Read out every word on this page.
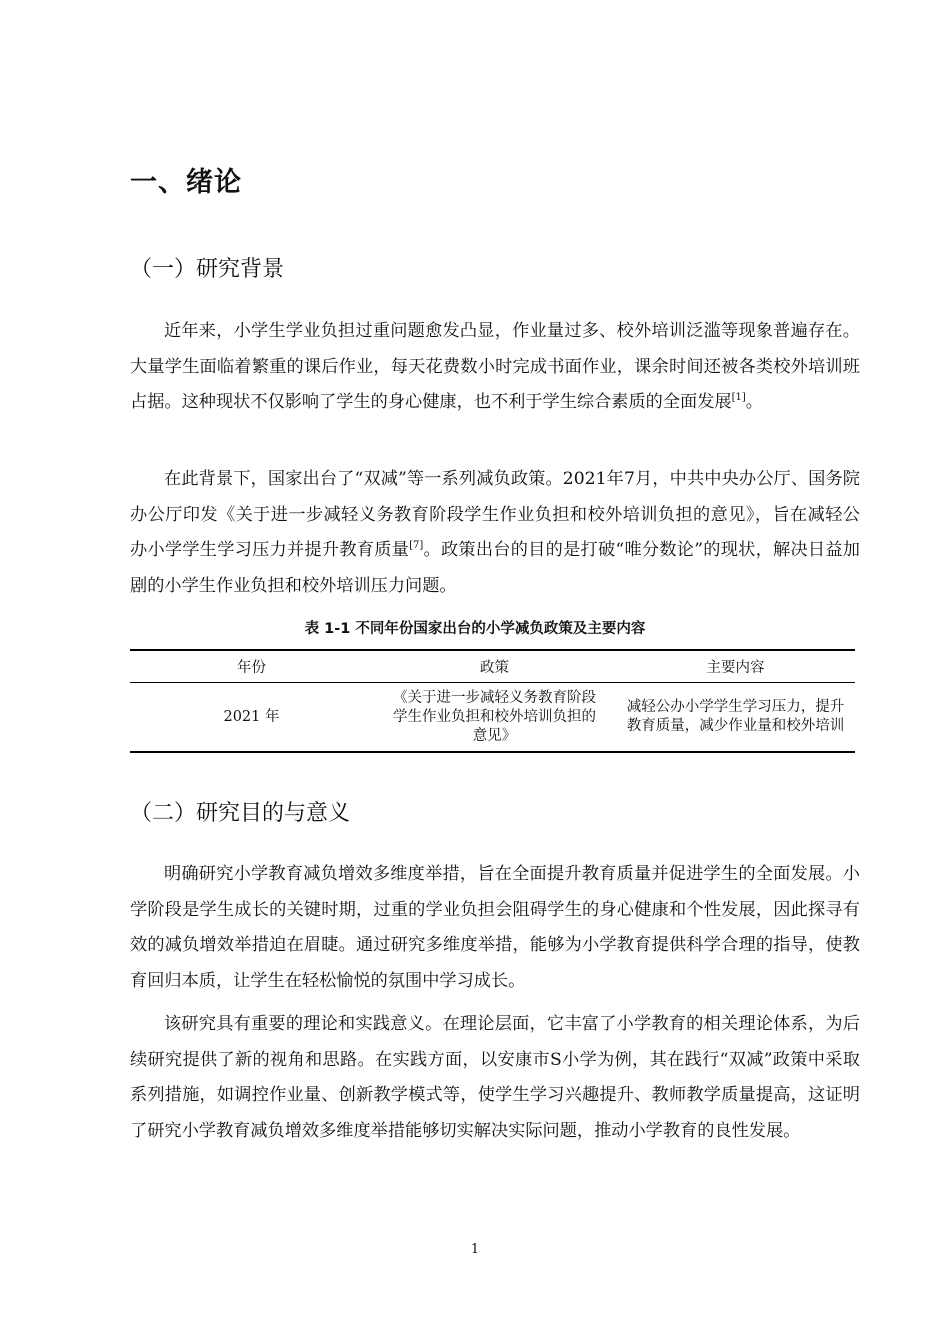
一、绪论
（一）研究背景

近年来，小学生学业负担过重问题愈发凸显，作业量过多、校外培训泛滥等现象普遍存在。大量学生面临着繁重的课后作业，每天花费数小时完成书面作业，课余时间还被各类校外培训班占据。这种现状不仅影响了学生的身心健康，也不利于学生综合素质的全面发展[1]。

在此背景下，国家出台了“双减”等一系列减负政策。2021年7月，中共中央办公厅、国务院办公厅印发《关于进一步减轻义务教育阶段学生作业负担和校外培训负担的意见》，旨在减轻公办小学学生学习压力并提升教育质量[7]。政策出台的目的是打破“唯分数论”的现状，解决日益加剧的小学生作业负担和校外培训压力问题。

表 1-1 不同年份国家出台的小学减负政策及主要内容
年份	政策	主要内容
2021 年	《关于进一步减轻义务教育阶段学生作业负担和校外培训负担的意见》	减轻公办小学学生学习压力，提升教育质量，减少作业量和校外培训
（二）研究目的与意义

明确研究小学教育减负增效多维度举措，旨在全面提升教育质量并促进学生的全面发展。小学阶段是学生成长的关键时期，过重的学业负担会阻碍学生的身心健康和个性发展，因此探寻有效的减负增效举措迫在眉睫。通过研究多维度举措，能够为小学教育提供科学合理的指导，使教育回归本质，让学生在轻松愉悦的氛围中学习成长。

该研究具有重要的理论和实践意义。在理论层面，它丰富了小学教育的相关理论体系，为后续研究提供了新的视角和思路。在实践方面，以安康市S小学为例，其在践行“双减”政策中采取系列措施，如调控作业量、创新教学模式等，使学生学习兴趣提升、教师教学质量提高，这证明了研究小学教育减负增效多维度举措能够切实解决实际问题，推动小学教育的良性发展。

1
